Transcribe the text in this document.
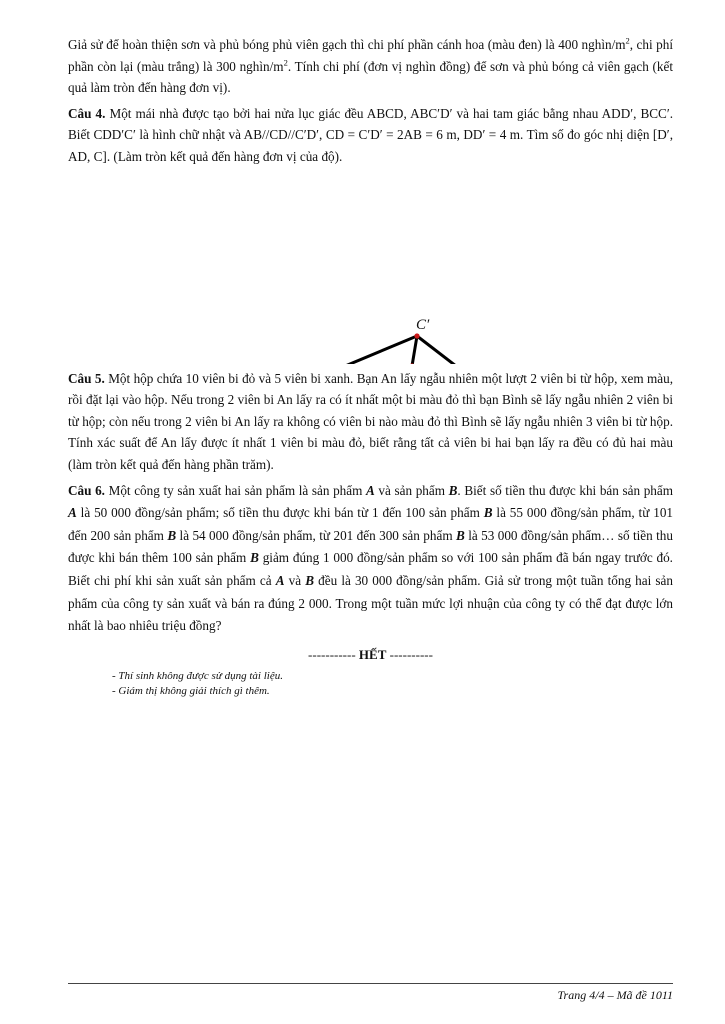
Giả sử để hoàn thiện sơn và phủ bóng phủ viên gạch thì chi phí phần cánh hoa (màu đen) là 400 nghìn/$m^2$, chi phí phần còn lại (màu trắng) là 300 nghìn/$m^2$. Tính chi phí (đơn vị nghìn đồng) để sơn và phủ bóng cả viên gạch (kết quả làm tròn đến hàng đơn vị).

Câu 4. Một mái nhà được tạo bởi hai nửa lục giác đều ABCD, ABC′D′ và hai tam giác bằng nhau ADD′, BCC′. Biết CDD′C′ là hình chữ nhật và AB//CD//C′D′, CD = C′D′ = 2AB = 6 m, DD′ = 4 m. Tìm số đo góc nhị diện [D′, AD, C]. (Làm tròn kết quả đến hàng đơn vị của độ).

C′

Câu 5. Một hộp chứa 10 viên bi đỏ và 5 viên bi xanh. Bạn An lấy ngẫu nhiên một lượt 2 viên bi từ hộp, xem màu, rồi đặt lại vào hộp. Nếu trong 2 viên bi An lấy ra có ít nhất một bi màu đỏ thì bạn Bình sẽ lấy ngẫu nhiên 2 viên bi từ hộp; còn nếu trong 2 viên bi An lấy ra không có viên bi nào màu đỏ thì Bình sẽ lấy ngẫu nhiên 3 viên bi từ hộp. Tính xác suất để An lấy được ít nhất 1 viên bi màu đỏ, biết rằng tất cả viên bi hai bạn lấy ra đều có đủ hai màu (làm tròn kết quả đến hàng phần trăm).

Câu 6. Một công ty sản xuất hai sản phẩm là sản phẩm A và sản phẩm B. Biết số tiền thu được khi bán sản phẩm A là 50 000 đồng/sản phẩm; số tiền thu được khi bán từ 1 đến 100 sản phẩm B là 55 000 đồng/sản phẩm, từ 101 đến 200 sản phẩm B là 54 000 đồng/sản phẩm, từ 201 đến 300 sản phẩm B là 53 000 đồng/sản phẩm… số tiền thu được khi bán thêm 100 sản phẩm B giảm đúng 1 000 đồng/sản phẩm so với 100 sản phẩm đã bán ngay trước đó. Biết chi phí khi sản xuất sản phẩm cả A và B đều là 30 000 đồng/sản phẩm. Giả sử trong một tuần tổng hai sản phẩm của công ty sản xuất và bán ra đúng 2 000. Trong một tuần mức lợi nhuận của công ty có thể đạt được lớn nhất là bao nhiêu triệu đồng?

----------- HẾT ----------
- Thí sinh không được sử dụng tài liệu.
- Giám thị không giải thích gì thêm.
Trang 4/4 – Mã đề 1011
